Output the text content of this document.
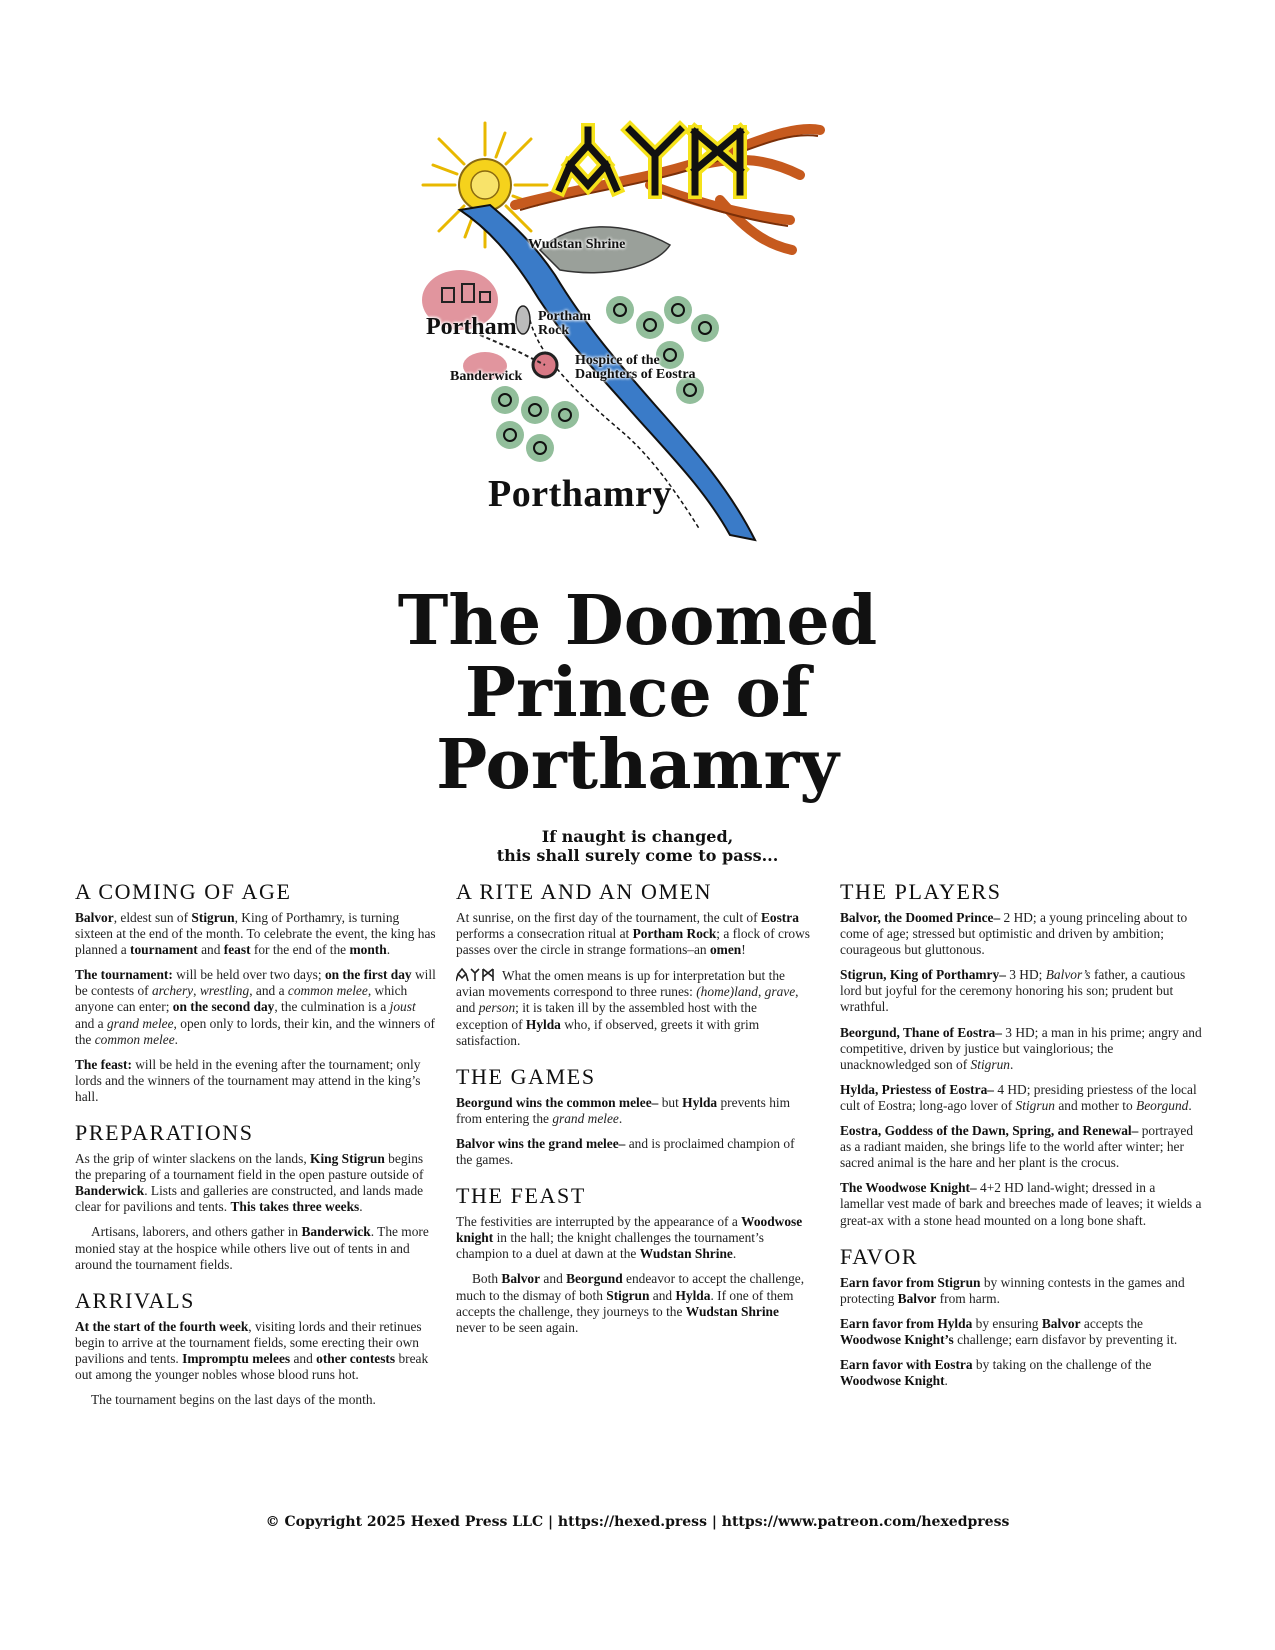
Wudstan Shrine
Portham Portham
Rock
Hospice of the
Daughters of Eostra
Banderwick
Porthamry
The Doomed
Prince of
Porthamry
If naught is changed,
this shall surely come to pass...
A COMING OF AGE

Balvor, eldest sun of Stigrun, King of Porthamry, is turning sixteen at the end of the month. To celebrate the event, the king has planned a tournament and feast for the end of the month.

The tournament: will be held over two days; on the first day will be contests of archery, wrestling, and a common melee, which anyone can enter; on the second day, the culmination is a joust and a grand melee, open only to lords, their kin, and the winners of the common melee.

The feast: will be held in the evening after the tournament; only lords and the winners of the tournament may attend in the king’s hall.

PREPARATIONS

As the grip of winter slackens on the lands, King Stigrun begins the preparing of a tournament field in the open pasture outside of Banderwick. Lists and galleries are constructed, and lands made clear for pavilions and tents. This takes three weeks.

Artisans, laborers, and others gather in Banderwick. The more monied stay at the hospice while others live out of tents in and around the tournament fields.

ARRIVALS

At the start of the fourth week, visiting lords and their retinues begin to arrive at the tournament fields, some erecting their own pavilions and tents. Impromptu melees and other contests break out among the younger nobles whose blood runs hot.

The tournament begins on the last days of the month.

A RITE AND AN OMEN

At sunrise, on the first day of the tournament, the cult of Eostra performs a consecration ritual at Portham Rock; a flock of crows passes over the circle in strange formations–an omen!

What the omen means is up for interpretation but the avian movements correspond to three runes: (home)land, grave, and person; it is taken ill by the assembled host with the exception of Hylda who, if observed, greets it with grim satisfaction.

THE GAMES

Beorgund wins the common melee– but Hylda prevents him from entering the grand melee.

Balvor wins the grand melee– and is proclaimed champion of the games.

THE FEAST

The festivities are interrupted by the appearance of a Woodwose knight in the hall; the knight challenges the tournament’s champion to a duel at dawn at the Wudstan Shrine.

Both Balvor and Beorgund endeavor to accept the challenge, much to the dismay of both Stigrun and Hylda. If one of them accepts the challenge, they journeys to the Wudstan Shrine never to be seen again.

THE PLAYERS

Balvor, the Doomed Prince– 2 HD; a young princeling about to come of age; stressed but optimistic and driven by ambition; courageous but gluttonous.

Stigrun, King of Porthamry– 3 HD; Balvor’s father, a cautious lord but joyful for the ceremony honoring his son; prudent but wrathful.

Beorgund, Thane of Eostra– 3 HD; a man in his prime; angry and competitive, driven by justice but vainglorious; the unacknowledged son of Stigrun.

Hylda, Priestess of Eostra– 4 HD; presiding priestess of the local cult of Eostra; long-ago lover of Stigrun and mother to Beorgund.

Eostra, Goddess of the Dawn, Spring, and Renewal– portrayed as a radiant maiden, she brings life to the world after winter; her sacred animal is the hare and her plant is the crocus.

The Woodwose Knight– 4+2 HD land-wight; dressed in a lamellar vest made of bark and breeches made of leaves; it wields a great-ax with a stone head mounted on a long bone shaft.

FAVOR

Earn favor from Stigrun by winning contests in the games and protecting Balvor from harm.

Earn favor from Hylda by ensuring Balvor accepts the Woodwose Knight’s challenge; earn disfavor by preventing it.

Earn favor with Eostra by taking on the challenge of the Woodwose Knight.

© Copyright 2025 Hexed Press LLC | https://hexed.press | https://www.patreon.com/hexedpress
